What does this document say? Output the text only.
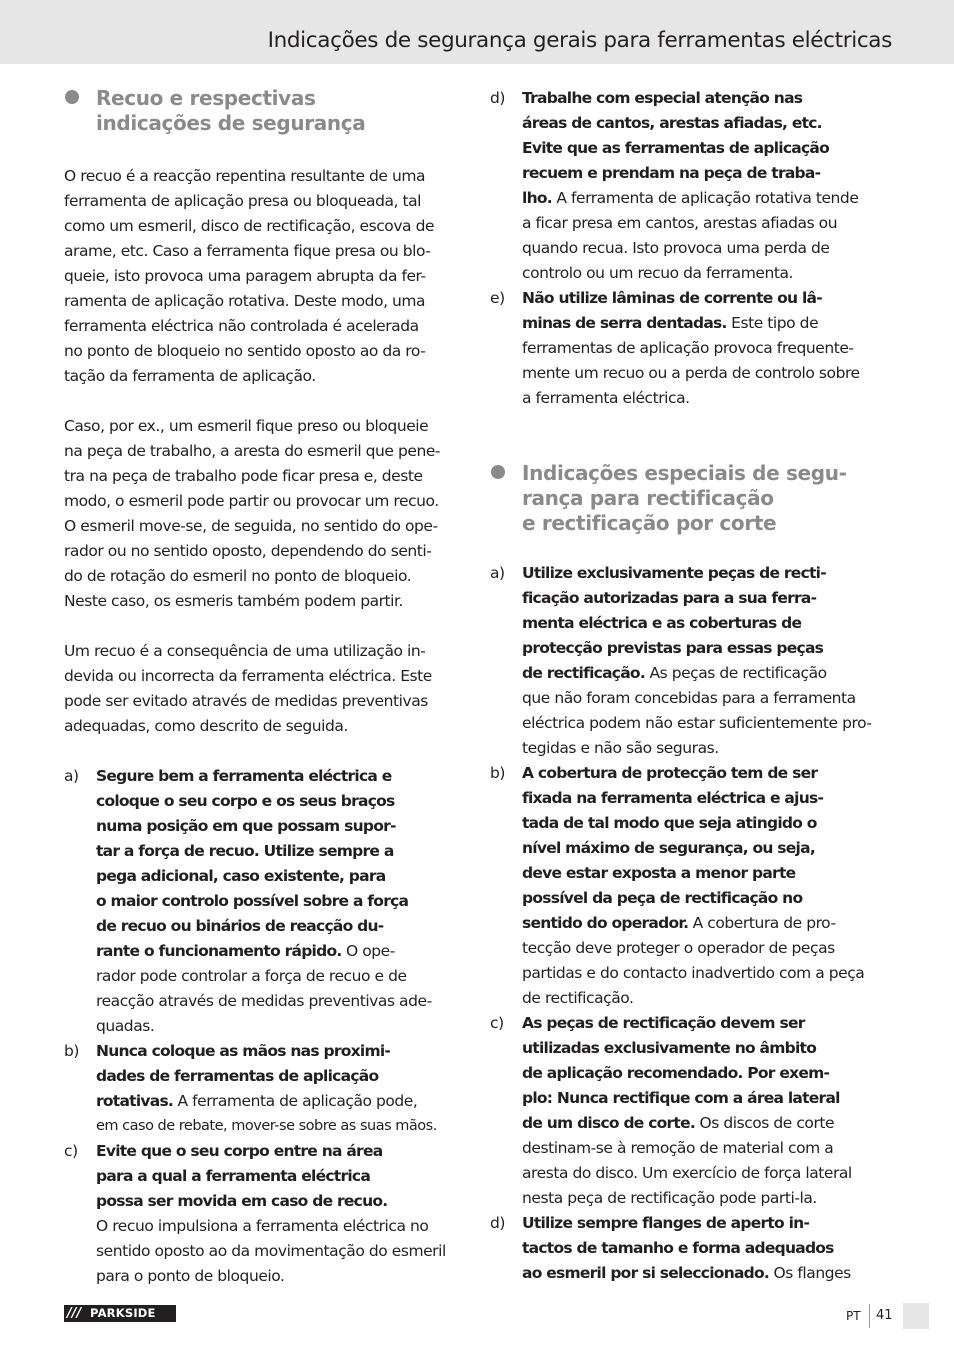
Indicações de segurança gerais para ferramentas eléctricas
Recuo e respectivas
indicações de segurança
O recuo é a reacção repentina resultante de uma
ferramenta de aplicação presa ou bloqueada, tal
como um esmeril, disco de rectificação, escova de
arame, etc. Caso a ferramenta fique presa ou blo-
queie, isto provoca uma paragem abrupta da fer-
ramenta de aplicação rotativa. Deste modo, uma
ferramenta eléctrica não controlada é acelerada
no ponto de bloqueio no sentido oposto ao da ro-
tação da ferramenta de aplicação.
Caso, por ex., um esmeril fique preso ou bloqueie
na peça de trabalho, a aresta do esmeril que pene-
tra na peça de trabalho pode ficar presa e, deste
modo, o esmeril pode partir ou provocar um recuo.
O esmeril move-se, de seguida, no sentido do ope-
rador ou no sentido oposto, dependendo do senti-
do de rotação do esmeril no ponto de bloqueio.
Neste caso, os esmeris também podem partir.
Um recuo é a consequência de uma utilização in-
devida ou incorrecta da ferramenta eléctrica. Este
pode ser evitado através de medidas preventivas
adequadas, como descrito de seguida.
a) Segure bem a ferramenta eléctrica e
coloque o seu corpo e os seus braços
numa posição em que possam supor-
tar a força de recuo. Utilize sempre a
pega adicional, caso existente, para
o maior controlo possível sobre a força
de recuo ou binários de reacção du-
rante o funcionamento rápido. O ope-
rador pode controlar a força de recuo e de
reacção através de medidas preventivas ade-
quadas.
b) Nunca coloque as mãos nas proximi-
dades de ferramentas de aplicação
rotativas. A ferramenta de aplicação pode,
em caso de rebate, mover-se sobre as suas mãos.
c) Evite que o seu corpo entre na área
para a qual a ferramenta eléctrica
possa ser movida em caso de recuo.
O recuo impulsiona a ferramenta eléctrica no
sentido oposto ao da movimentação do esmeril
para o ponto de bloqueio.
d) Trabalhe com especial atenção nas
áreas de cantos, arestas afiadas, etc.
Evite que as ferramentas de aplicação
recuem e prendam na peça de traba-
lho. A ferramenta de aplicação rotativa tende
a ficar presa em cantos, arestas afiadas ou
quando recua. Isto provoca uma perda de
controlo ou um recuo da ferramenta.
e) Não utilize lâminas de corrente ou lâ-
minas de serra dentadas. Este tipo de
ferramentas de aplicação provoca frequente-
mente um recuo ou a perda de controlo sobre
a ferramenta eléctrica.
Indicações especiais de segu-
rança para rectificação
e rectificação por corte
a) Utilize exclusivamente peças de recti-
ficação autorizadas para a sua ferra-
menta eléctrica e as coberturas de
protecção previstas para essas peças
de rectificação. As peças de rectificação
que não foram concebidas para a ferramenta
eléctrica podem não estar suficientemente pro-
tegidas e não são seguras.
b) A cobertura de protecção tem de ser
fixada na ferramenta eléctrica e ajus-
tada de tal modo que seja atingido o
nível máximo de segurança, ou seja,
deve estar exposta a menor parte
possível da peça de rectificação no
sentido do operador. A cobertura de pro-
tecção deve proteger o operador de peças
partidas e do contacto inadvertido com a peça
de rectificação.
c) As peças de rectificação devem ser
utilizadas exclusivamente no âmbito
de aplicação recomendado. Por exem-
plo: Nunca rectifique com a área lateral
de um disco de corte. Os discos de corte
destinam-se à remoção de material com a
aresta do disco. Um exercício de força lateral
nesta peça de rectificação pode parti-la.
d) Utilize sempre flanges de aperto in-
tactos de tamanho e forma adequados
ao esmeril por si seleccionado. Os flanges
/// PARKSIDE	PT 41
